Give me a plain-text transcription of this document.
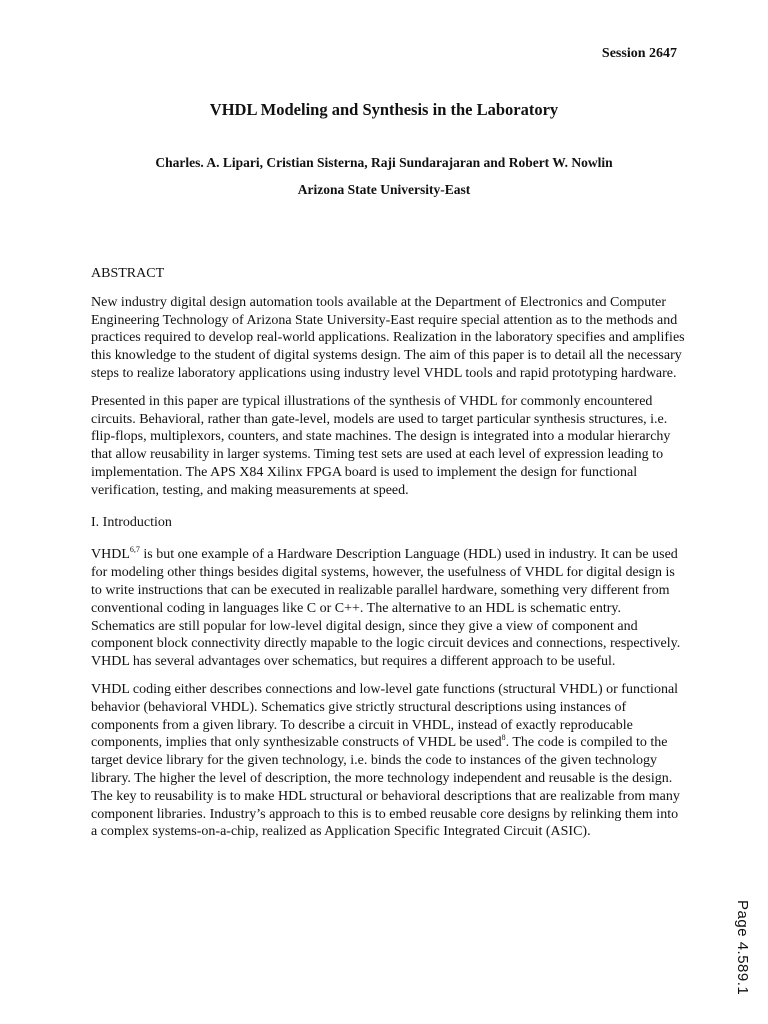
Session 2647
VHDL Modeling and Synthesis in the Laboratory
Charles. A. Lipari, Cristian Sisterna, Raji Sundarajaran and Robert W. Nowlin
Arizona State University-East
ABSTRACT

New industry digital design automation tools available at the Department of Electronics and Computer Engineering Technology of Arizona State University-East require special attention as to the methods and practices required to develop real-world applications. Realization in the laboratory specifies and amplifies this knowledge to the student of digital systems design. The aim of this paper is to detail all the necessary steps to realize laboratory applications using industry level VHDL tools and rapid prototyping hardware.

Presented in this paper are typical illustrations of the synthesis of VHDL for commonly encountered circuits. Behavioral, rather than gate-level, models are used to target particular synthesis structures, i.e. flip-flops, multiplexors, counters, and state machines. The design is integrated into a modular hierarchy that allow reusability in larger systems. Timing test sets are used at each level of expression leading to implementation. The APS X84 Xilinx FPGA board is used to implement the design for functional verification, testing, and making measurements at speed.

I. Introduction

VHDL$^{6,7}$ is but one example of a Hardware Description Language (HDL) used in industry. It can be used for modeling other things besides digital systems, however, the usefulness of VHDL for digital design is to write instructions that can be executed in realizable parallel hardware, something very different from conventional coding in languages like C or C++. The alternative to an HDL is schematic entry. Schematics are still popular for low-level digital design, since they give a view of component and component block connectivity directly mapable to the logic circuit devices and connections, respectively. VHDL has several advantages over schematics, but requires a different approach to be useful.

VHDL coding either describes connections and low-level gate functions (structural VHDL) or functional behavior (behavioral VHDL). Schematics give strictly structural descriptions using instances of components from a given library. To describe a circuit in VHDL, instead of exactly reproducable components, implies that only synthesizable constructs of VHDL be used$^8$. The code is compiled to the target device library for the given technology, i.e. binds the code to instances of the given technology library. The higher the level of description, the more technology independent and reusable is the design. The key to reusability is to make HDL structural or behavioral descriptions that are realizable from many component libraries. Industry’s approach to this is to embed reusable core designs by relinking them into a complex systems-on-a-chip, realized as Application Specific Integrated Circuit (ASIC).

Page 4.589.1
